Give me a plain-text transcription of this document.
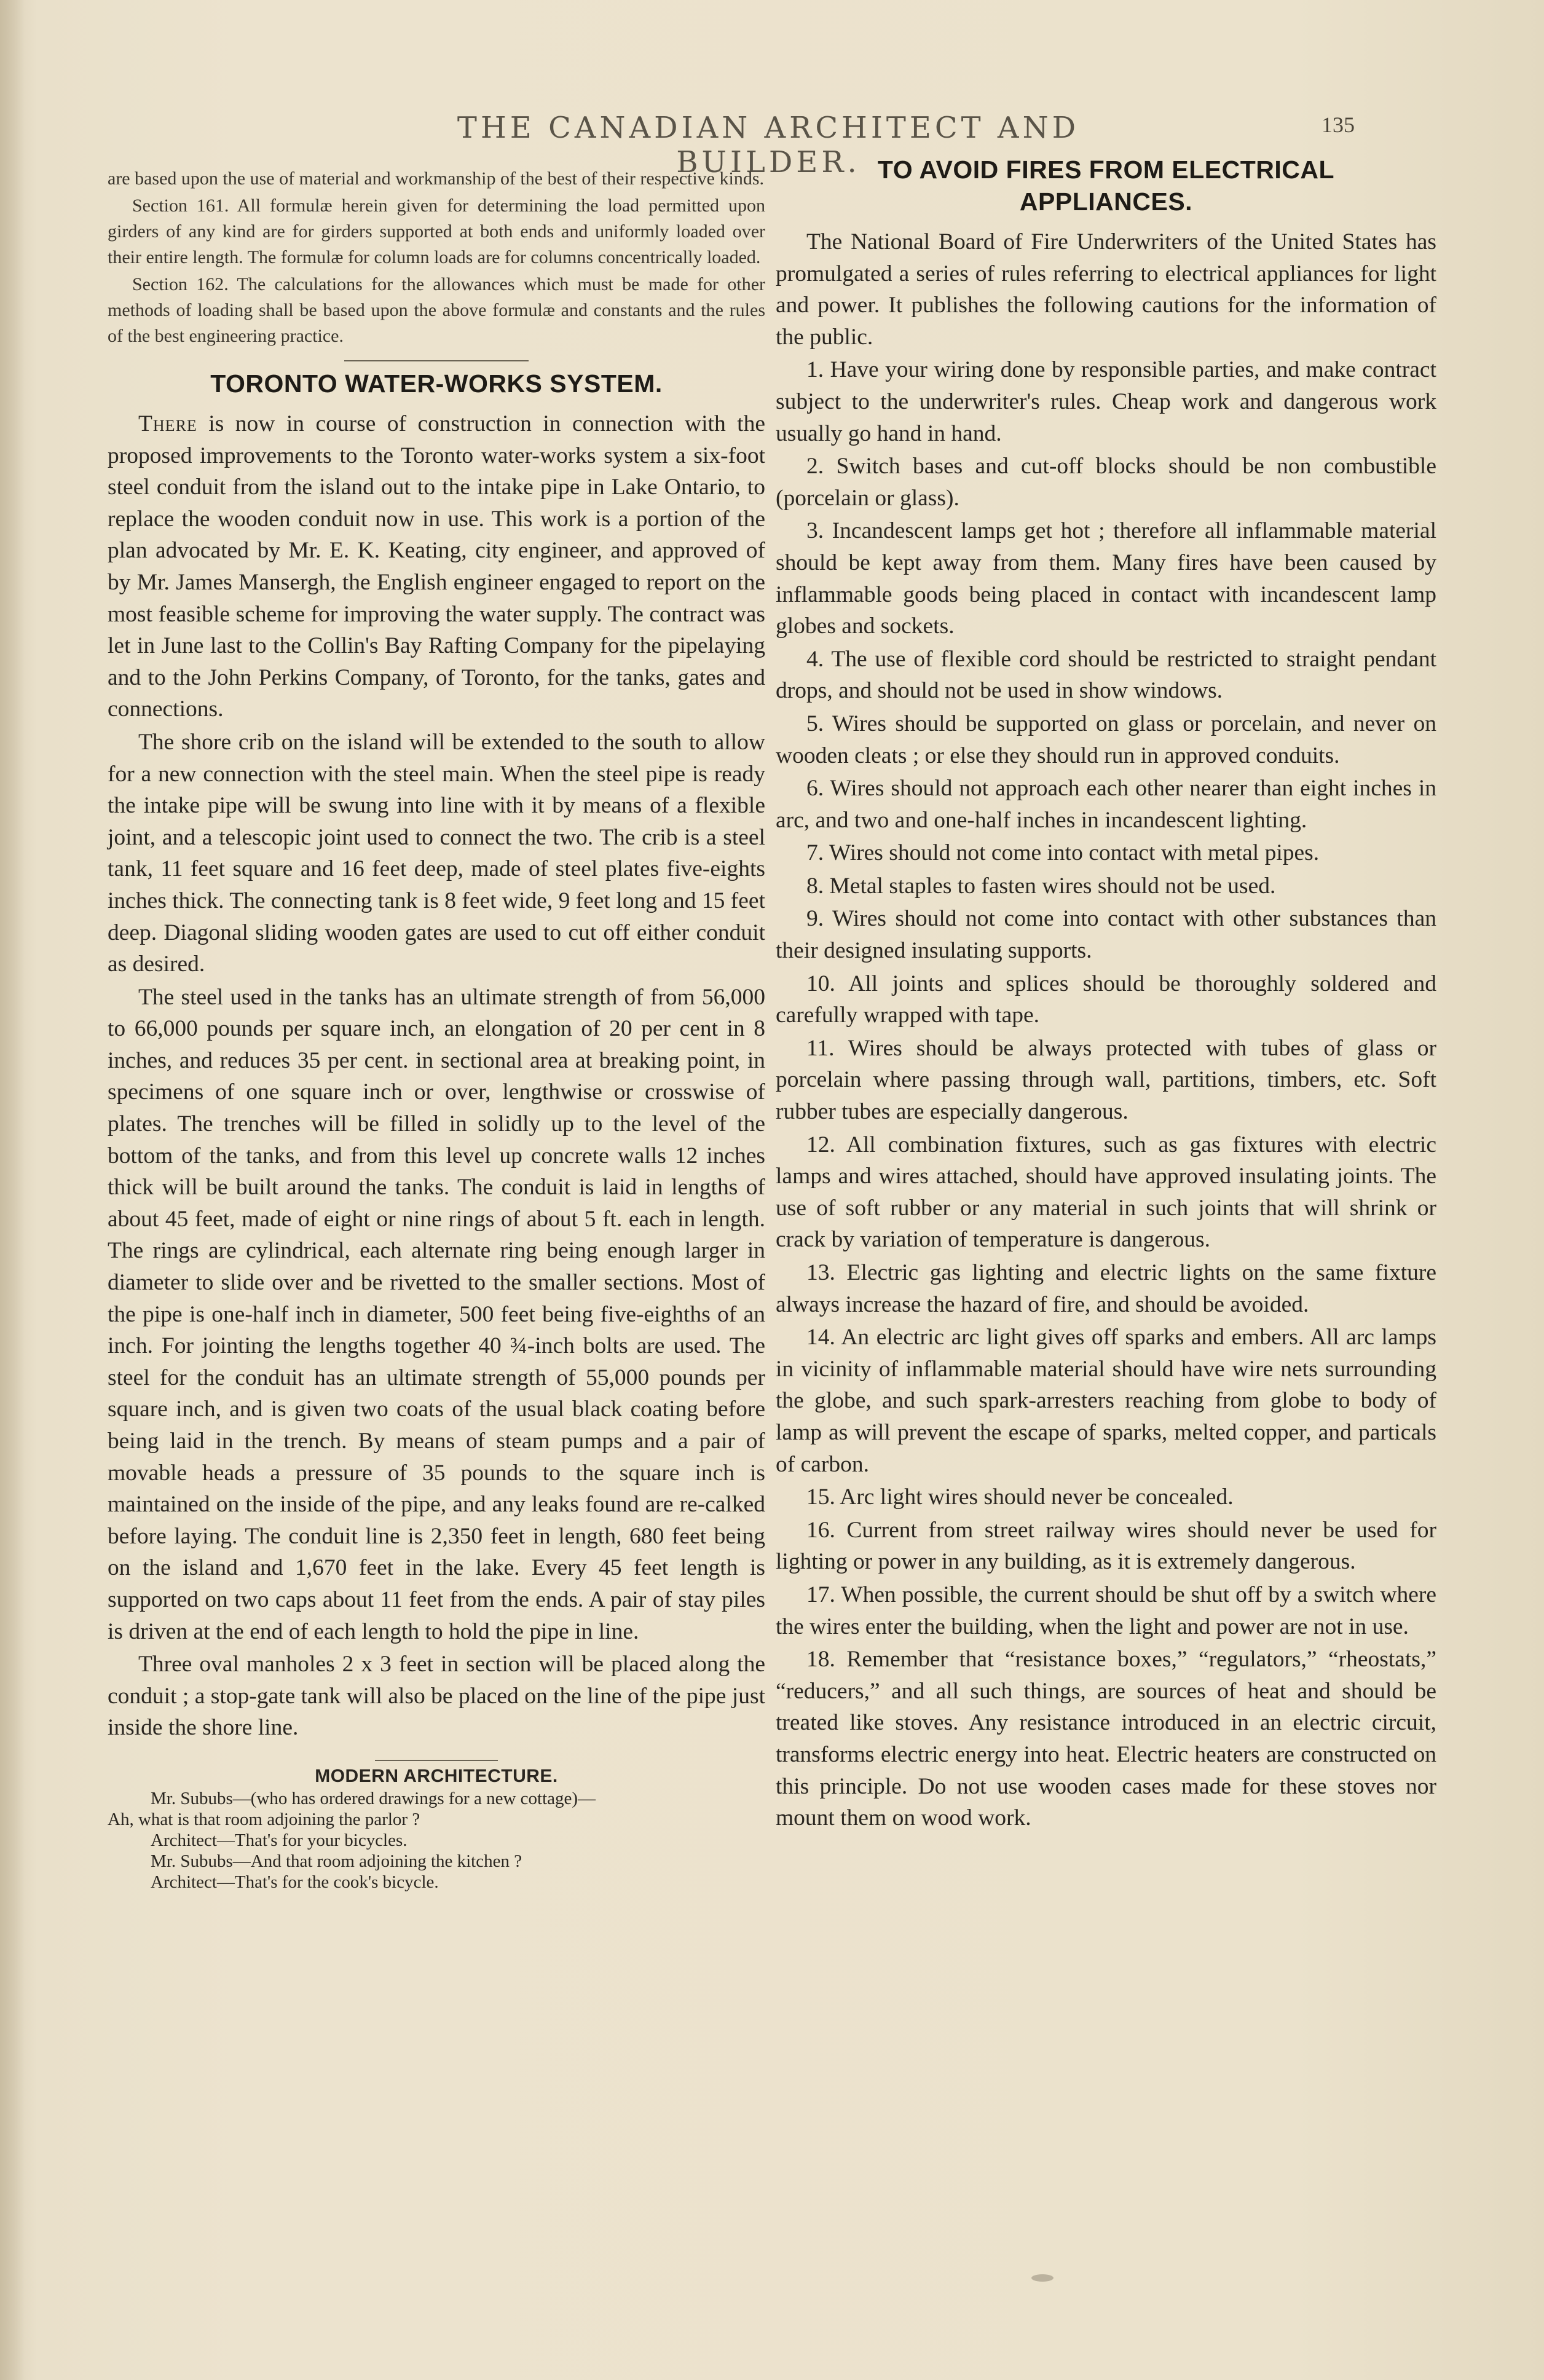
THE CANADIAN ARCHITECT AND BUILDER.
135

are based upon the use of material and workmanship of the best of their respective kinds.

Section 161. All formulæ herein given for determining the load permitted upon girders of any kind are for girders supported at both ends and uniformly loaded over their entire length. The formulæ for column loads are for columns concentrically loaded.

Section 162. The calculations for the allowances which must be made for other methods of loading shall be based upon the above formulæ and constants and the rules of the best engineering practice.

TORONTO WATER-WORKS SYSTEM.

There is now in course of construction in connection with the proposed improvements to the Toronto water-works system a six-foot steel conduit from the island out to the intake pipe in Lake Ontario, to replace the wooden conduit now in use. This work is a portion of the plan advocated by Mr. E. K. Keating, city engineer, and approved of by Mr. James Mansergh, the English engineer engaged to report on the most feasible scheme for improving the water supply. The contract was let in June last to the Collin's Bay Rafting Company for the pipelaying and to the John Perkins Company, of Toronto, for the tanks, gates and connections.

The shore crib on the island will be extended to the south to allow for a new connection with the steel main. When the steel pipe is ready the intake pipe will be swung into line with it by means of a flexible joint, and a telescopic joint used to connect the two. The crib is a steel tank, 11 feet square and 16 feet deep, made of steel plates five-eights inches thick. The connecting tank is 8 feet wide, 9 feet long and 15 feet deep. Diagonal sliding wooden gates are used to cut off either conduit as desired.

The steel used in the tanks has an ultimate strength of from 56,000 to 66,000 pounds per square inch, an elongation of 20 per cent in 8 inches, and reduces 35 per cent. in sectional area at breaking point, in specimens of one square inch or over, lengthwise or crosswise of plates. The trenches will be filled in solidly up to the level of the bottom of the tanks, and from this level up concrete walls 12 inches thick will be built around the tanks. The conduit is laid in lengths of about 45 feet, made of eight or nine rings of about 5 ft. each in length. The rings are cylindrical, each alternate ring being enough larger in diameter to slide over and be rivetted to the smaller sections. Most of the pipe is one-half inch in diameter, 500 feet being five-eighths of an inch. For jointing the lengths together 40 ¾-inch bolts are used. The steel for the conduit has an ultimate strength of 55,000 pounds per square inch, and is given two coats of the usual black coating before being laid in the trench. By means of steam pumps and a pair of movable heads a pressure of 35 pounds to the square inch is maintained on the inside of the pipe, and any leaks found are re-calked before laying. The conduit line is 2,350 feet in length, 680 feet being on the island and 1,670 feet in the lake. Every 45 feet length is supported on two caps about 11 feet from the ends. A pair of stay piles is driven at the end of each length to hold the pipe in line.

Three oval manholes 2 x 3 feet in section will be placed along the conduit ; a stop-gate tank will also be placed on the line of the pipe just inside the shore line.

MODERN ARCHITECTURE.

Mr. Sububs—(who has ordered drawings for a new cottage)—

Ah, what is that room adjoining the parlor ?

Architect—That's for your bicycles.

Mr. Sububs—And that room adjoining the kitchen ?

Architect—That's for the cook's bicycle.

TO AVOID FIRES FROM ELECTRICAL
APPLIANCES.

The National Board of Fire Underwriters of the United States has promulgated a series of rules referring to electrical appliances for light and power. It publishes the following cautions for the information of the public.

1. Have your wiring done by responsible parties, and make contract subject to the underwriter's rules. Cheap work and dangerous work usually go hand in hand.

2. Switch bases and cut-off blocks should be non combustible (porcelain or glass).

3. Incandescent lamps get hot ; therefore all inflammable material should be kept away from them. Many fires have been caused by inflammable goods being placed in contact with incandescent lamp globes and sockets.

4. The use of flexible cord should be restricted to straight pendant drops, and should not be used in show windows.

5. Wires should be supported on glass or porcelain, and never on wooden cleats ; or else they should run in approved conduits.

6. Wires should not approach each other nearer than eight inches in arc, and two and one-half inches in incandescent lighting.

7. Wires should not come into contact with metal pipes.

8. Metal staples to fasten wires should not be used.

9. Wires should not come into contact with other substances than their designed insulating supports.

10. All joints and splices should be thoroughly soldered and carefully wrapped with tape.

11. Wires should be always protected with tubes of glass or porcelain where passing through wall, partitions, timbers, etc. Soft rubber tubes are especially dangerous.

12. All combination fixtures, such as gas fixtures with electric lamps and wires attached, should have approved insulating joints. The use of soft rubber or any material in such joints that will shrink or crack by variation of temperature is dangerous.

13. Electric gas lighting and electric lights on the same fixture always increase the hazard of fire, and should be avoided.

14. An electric arc light gives off sparks and embers. All arc lamps in vicinity of inflammable material should have wire nets surrounding the globe, and such spark-arresters reaching from globe to body of lamp as will prevent the escape of sparks, melted copper, and particals of carbon.

15. Arc light wires should never be concealed.

16. Current from street railway wires should never be used for lighting or power in any building, as it is extremely dangerous.

17. When possible, the current should be shut off by a switch where the wires enter the building, when the light and power are not in use.

18. Remember that “resistance boxes,” “regulators,” “rheostats,” “reducers,” and all such things, are sources of heat and should be treated like stoves. Any resistance introduced in an electric circuit, transforms electric energy into heat. Electric heaters are constructed on this principle. Do not use wooden cases made for these stoves nor mount them on wood work.
